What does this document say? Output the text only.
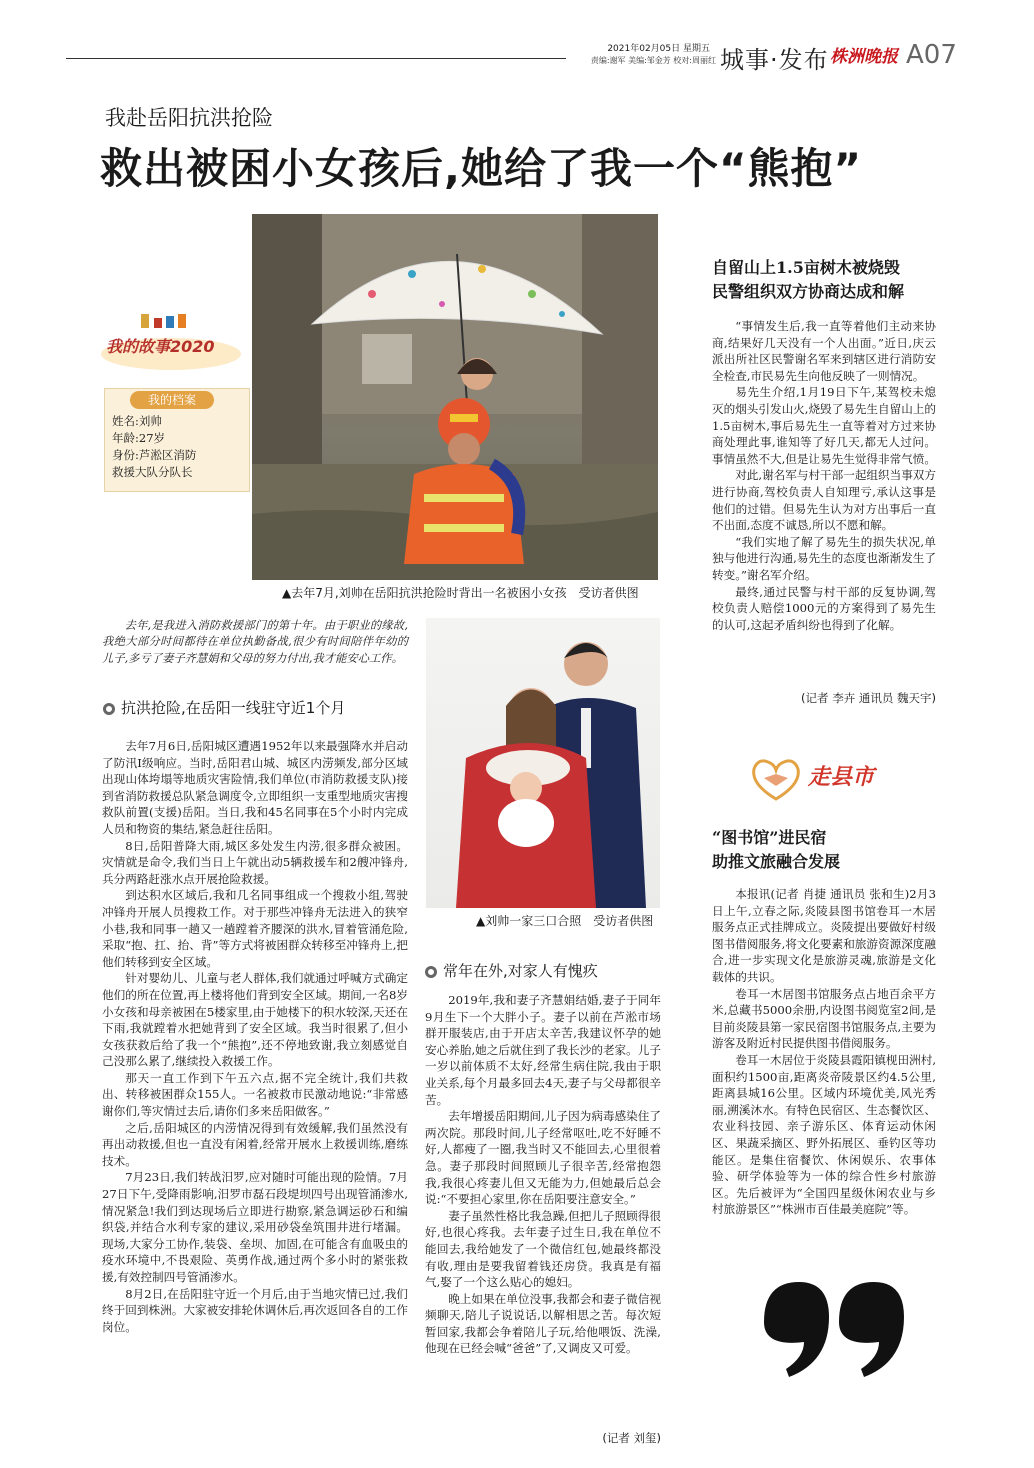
2021年02月05日 星期五
责编:谢军 美编:邹金芳 校对:周丽红 城事·发布 株洲晚报 A07
我赴岳阳抗洪抢险
救出被困小女孩后,她给了我一个“熊抱”
▲去年7月,刘帅在岳阳抗洪抢险时背出一名被困小女孩　受访者供图
我的故事2020
我的档案
姓名:刘帅
年龄:27岁
身份:芦淞区消防
救援大队分队长

去年,是我进入消防救援部门的第十年。由于职业的缘故,我绝大部分时间都待在单位执勤备战,很少有时间陪伴年幼的儿子,多亏了妻子齐慧娟和父母的努力付出,我才能安心工作。

抗洪抢险,在岳阳一线驻守近1个月

去年7月6日,岳阳城区遭遇1952年以来最强降水并启动了防汛Ⅰ级响应。当时,岳阳君山城、城区内涝频发,部分区域出现山体垮塌等地质灾害险情,我们单位(市消防救援支队)接到省消防救援总队紧急调度令,立即组织一支重型地质灾害搜救队前置(支援)岳阳。当日,我和45名同事在5个小时内完成人员和物资的集结,紧急赶往岳阳。

8日,岳阳普降大雨,城区多处发生内涝,很多群众被困。灾情就是命令,我们当日上午就出动5辆救援车和2艘冲锋舟,兵分两路赶涨水点开展抢险救援。

到达积水区域后,我和几名同事组成一个搜救小组,驾驶冲锋舟开展人员搜救工作。对于那些冲锋舟无法进入的狭窄小巷,我和同事一趟又一趟蹚着齐腰深的洪水,冒着管涌危险,采取“抱、扛、抬、背”等方式将被困群众转移至冲锋舟上,把他们转移到安全区域。

针对婴幼儿、儿童与老人群体,我们就通过呼喊方式确定他们的所在位置,再上楼将他们背到安全区域。期间,一名8岁小女孩和母亲被困在5楼家里,由于她楼下的积水较深,天还在下雨,我就蹚着水把她背到了安全区域。我当时很累了,但小女孩获救后给了我一个“熊抱”,还不停地致谢,我立刻感觉自己没那么累了,继续投入救援工作。

那天一直工作到下午五六点,据不完全统计,我们共救出、转移被困群众155人。一名被救市民激动地说:“非常感谢你们,等灾情过去后,请你们多来岳阳做客。”

之后,岳阳城区的内涝情况得到有效缓解,我们虽然没有再出动救援,但也一直没有闲着,经常开展水上救援训练,磨练技术。

7月23日,我们转战汨罗,应对随时可能出现的险情。7月27日下午,受降雨影响,汨罗市磊石段堤坝四号出现管涌渗水,情况紧急!我们到达现场后立即进行勘察,紧急调运砂石和编织袋,并结合水利专家的建议,采用砂袋垒筑围井进行堵漏。现场,大家分工协作,装袋、垒坝、加固,在可能含有血吸虫的疫水环境中,不畏艰险、英勇作战,通过两个多小时的紧张救援,有效控制四号管涌渗水。

8月2日,在岳阳驻守近一个月后,由于当地灾情已过,我们终于回到株洲。大家被安排轮休调休后,再次返回各自的工作岗位。

▲刘帅一家三口合照　受访者供图
常年在外,对家人有愧疚

2019年,我和妻子齐慧娟结婚,妻子于同年9月生下一个大胖小子。妻子以前在芦淞市场群开服装店,由于开店太辛苦,我建议怀孕的她安心养胎,她之后就住到了我长沙的老家。儿子一岁以前体质不太好,经常生病住院,我由于职业关系,每个月最多回去4天,妻子与父母都很辛苦。

去年增援岳阳期间,儿子因为病毒感染住了两次院。那段时间,儿子经常呕吐,吃不好睡不好,人都瘦了一圈,我当时又不能回去,心里很着急。妻子那段时间照顾儿子很辛苦,经常抱怨我,我很心疼妻儿但又无能为力,但她最后总会说:“不要担心家里,你在岳阳要注意安全。”

妻子虽然性格比我急躁,但把儿子照顾得很好,也很心疼我。去年妻子过生日,我在单位不能回去,我给她发了一个微信红包,她最终都没有收,理由是要我留着钱还房贷。我真是有福气,娶了一个这么贴心的媳妇。

晚上如果在单位没事,我都会和妻子微信视频聊天,陪儿子说说话,以解相思之苦。每次短暂回家,我都会争着陪儿子玩,给他喂饭、洗澡,他现在已经会喊“爸爸”了,又调皮又可爱。

(记者 刘玺)
自留山上1.5亩树木被烧毁
民警组织双方协商达成和解

“事情发生后,我一直等着他们主动来协商,结果好几天没有一个人出面。”近日,庆云派出所社区民警谢名军来到辖区进行消防安全检查,市民易先生向他反映了一则情况。

易先生介绍,1月19日下午,某驾校未熄灭的烟头引发山火,烧毁了易先生自留山上的1.5亩树木,事后易先生一直等着对方过来协商处理此事,谁知等了好几天,都无人过问。事情虽然不大,但是让易先生觉得非常气愤。

对此,谢名军与村干部一起组织当事双方进行协商,驾校负责人自知理亏,承认这事是他们的过错。但易先生认为对方出事后一直不出面,态度不诚恳,所以不愿和解。

“我们实地了解了易先生的损失状况,单独与他进行沟通,易先生的态度也渐渐发生了转变。”谢名军介绍。

最终,通过民警与村干部的反复协调,驾校负责人赔偿1000元的方案得到了易先生的认可,这起矛盾纠纷也得到了化解。

(记者 李卉 通讯员 魏天宇)
走县市
“图书馆”进民宿
助推文旅融合发展

本报讯(记者 肖捷 通讯员 张和生)2月3日上午,立春之际,炎陵县图书馆卷耳一木居服务点正式挂牌成立。炎陵提出要做好村级图书借阅服务,将文化要素和旅游资源深度融合,进一步实现文化是旅游灵魂,旅游是文化载体的共识。

卷耳一木居图书馆服务点占地百余平方米,总藏书5000余册,内设图书阅览室2间,是目前炎陵县第一家民宿图书馆服务点,主要为游客及附近村民提供图书借阅服务。

卷耳一木居位于炎陵县霞阳镇枧田洲村,面积约1500亩,距离炎帝陵景区约4.5公里,距离县城16公里。区域内环境优美,风光秀丽,溯溪沐水。有特色民宿区、生态餐饮区、农业科技园、亲子游乐区、体育运动休闲区、果蔬采摘区、野外拓展区、垂钓区等功能区。是集住宿餐饮、休闲娱乐、农事体验、研学体验等为一体的综合性乡村旅游区。先后被评为“全国四星级休闲农业与乡村旅游景区”“株洲市百佳最美庭院”等。
